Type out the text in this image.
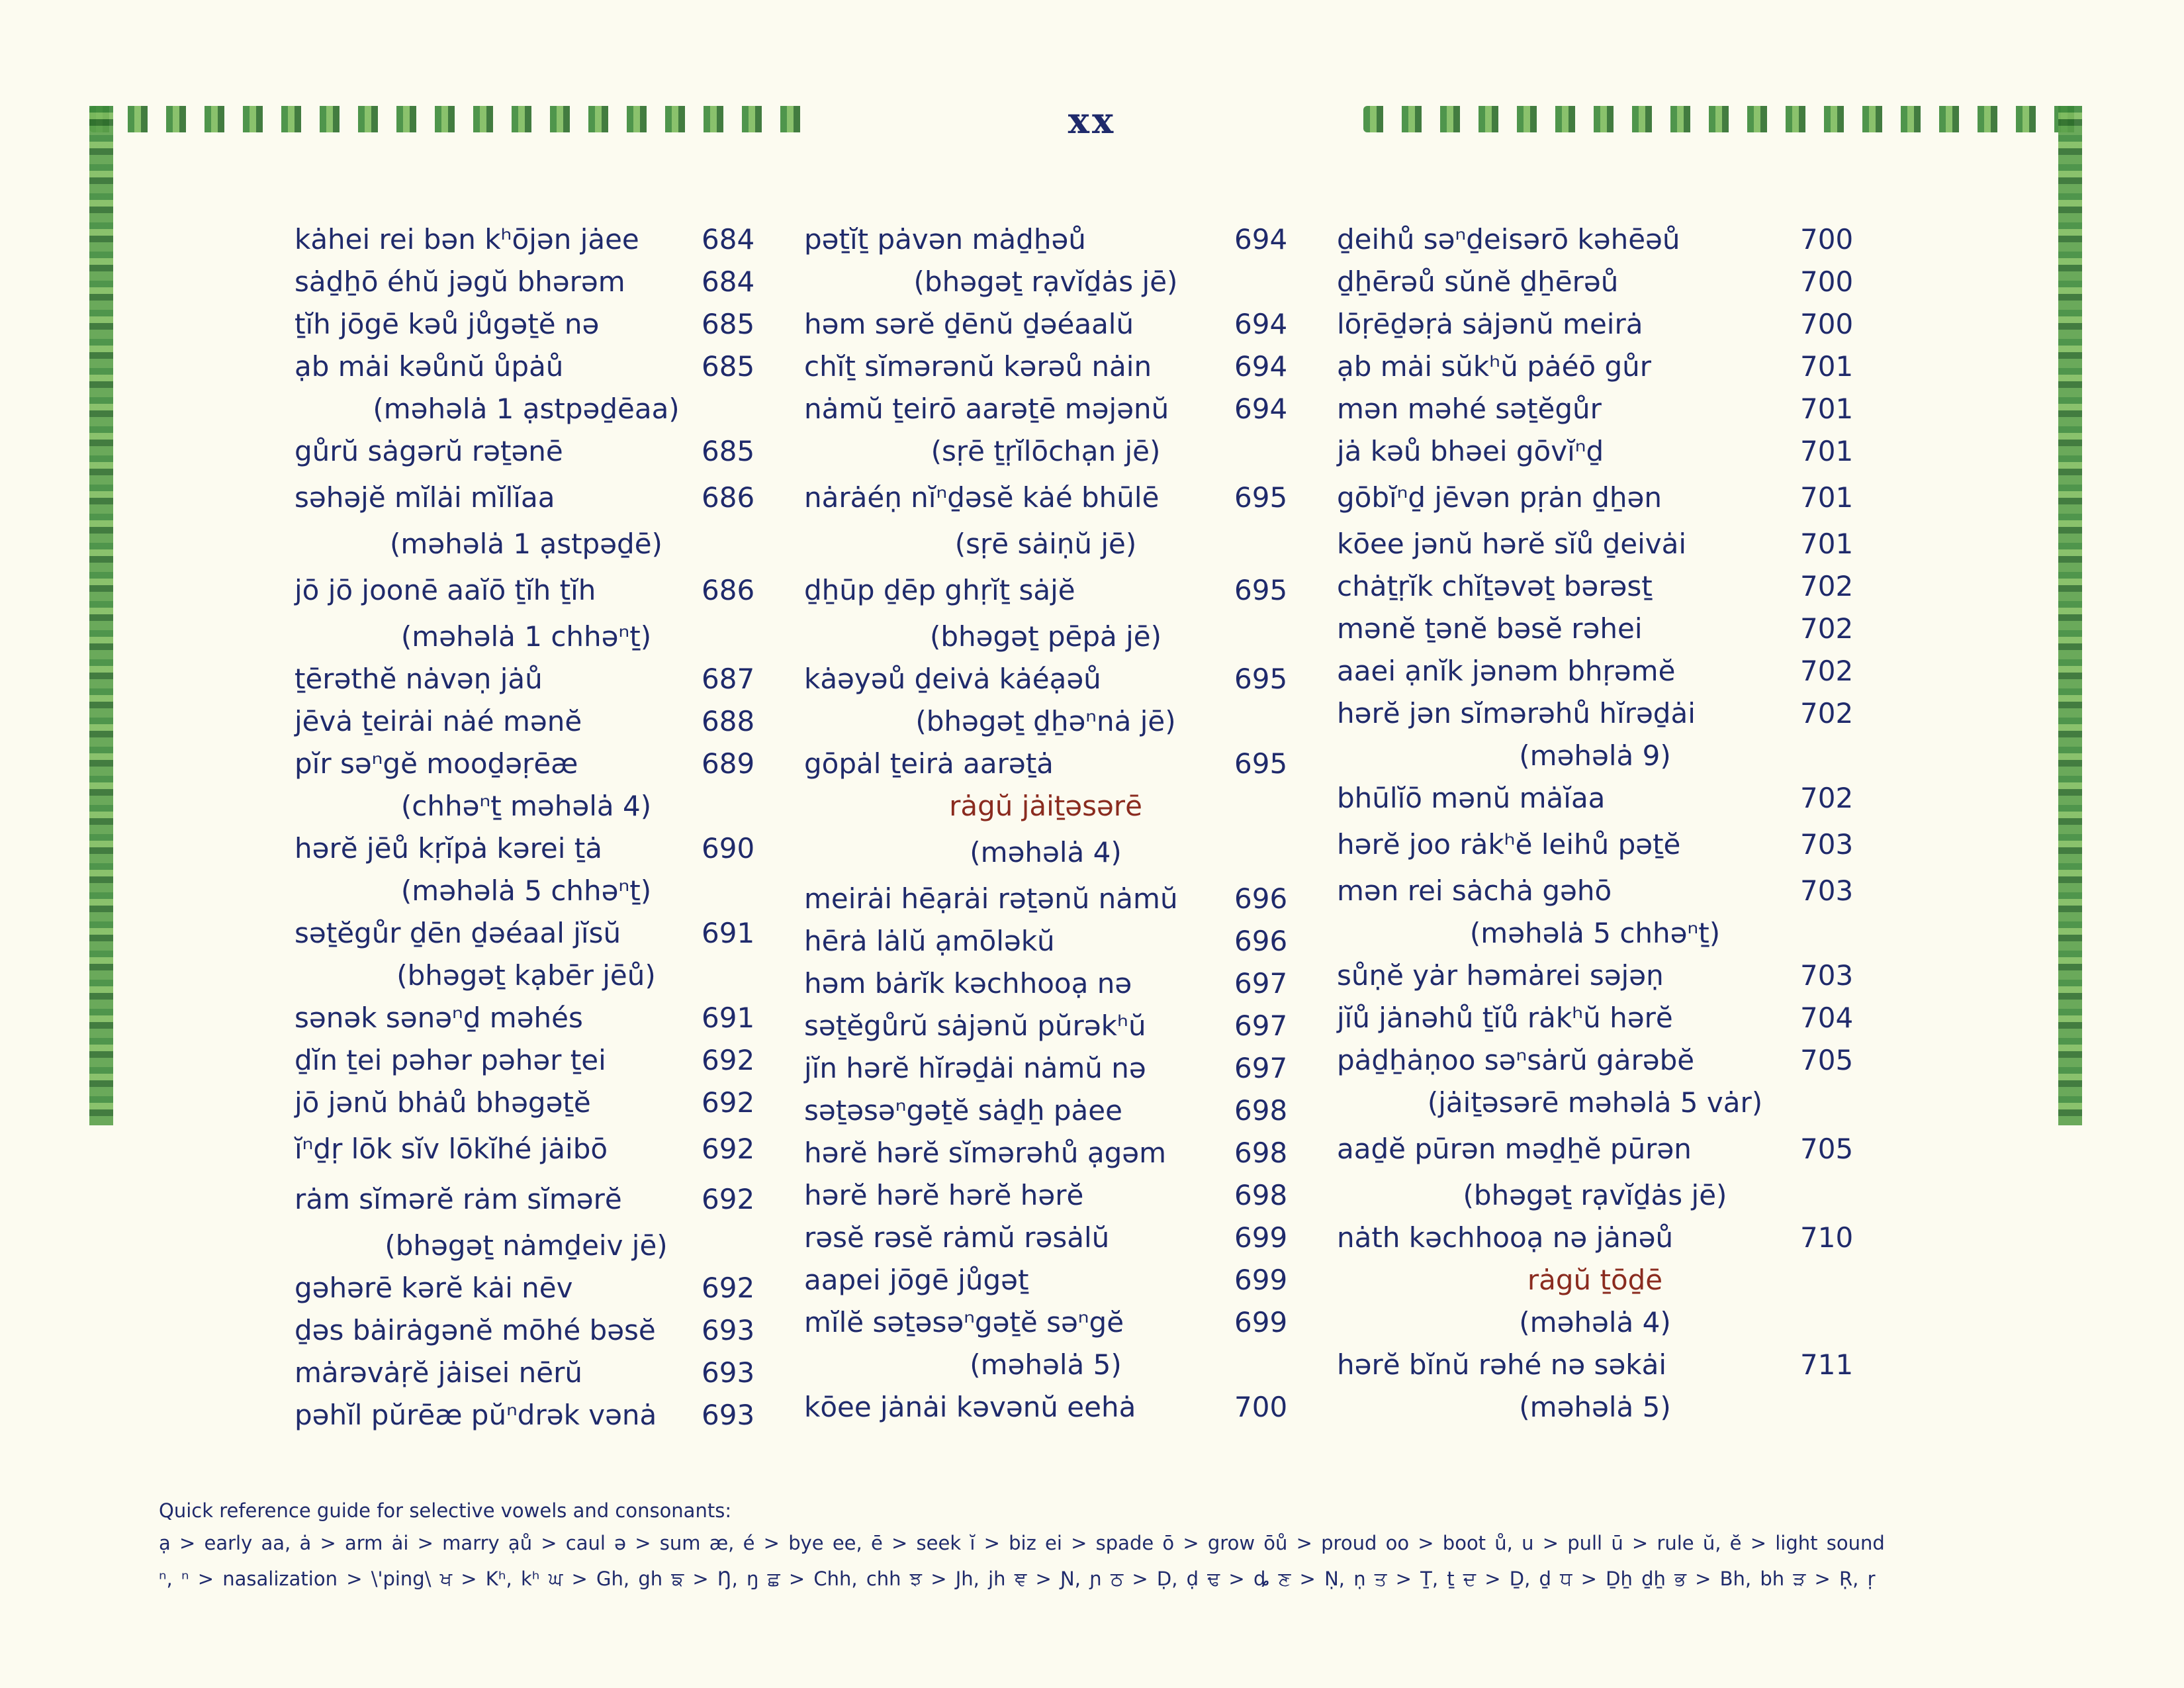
xx
kȧhei rei bən kʰōjən jȧee 684
sȧḏẖō éhŭ jəgŭ bhərəm	684
ṯĭh jōgē kəů jůgəṯĕ nə	685
ạb mȧi kəůnŭ ůpȧů	685
(məhəlȧ 1 ạstpəḏēaa)
gůrŭ sȧgərŭ rəṯənē	685
səhəjĕ mĭlȧi mĭlĭaa	686
(məhəlȧ 1 ạstpəḏē)
jō jō joonē aaĭō ṯĭh ṯĭh	686
(məhəlȧ 1 chhəⁿṯ)
ṯērəthĕ nȧvəṇ jȧů	687
jēvȧ ṯeirȧi nȧé mənĕ	688
pĭr səⁿgĕ mooḏəṛēæ	689
(chhəⁿṯ məhəlȧ 4)
hərĕ jēů kṛĭpȧ kərei ṯȧ	690
(məhəlȧ 5 chhəⁿṯ)
səṯĕgůr ḏēn ḏəéaal jĭsŭ	691
(bhəgəṯ kạbēr jēů)
sənək sənəⁿḏ məhés	691
ḏĭn ṯei pəhər pəhər ṯei	692
jō jənŭ bhȧů bhəgəṯĕ	692
ĭⁿḏṛ lōk sĭv lōkĭhé jȧibō	692
rȧm sĭmərĕ rȧm sĭmərĕ	692
(bhəgəṯ nȧmḏeiv jē)
gəhərē kərĕ kȧi nēv	692
ḏəs bȧirȧgənĕ mōhé bəsĕ 693
mȧrəvȧṛĕ jȧisei nērŭ	693
pəhĭl pŭrēæ pŭⁿdrək vənȧ 693
pəṯĭṯ pȧvən mȧḏẖəů	694
(bhəgəṯ rạvĭḏȧs jē)
həm sərĕ ḏēnŭ ḏəéaalŭ	694
chĭṯ sĭmərənŭ kərəů nȧin	694
nȧmŭ ṯeirō aarəṯē məjənŭ 694
(sṛē ṯṛĭlōchạn jē)
nȧrȧéṇ nĭⁿḏəsĕ kȧé bhūlē	695
(sṛē sȧiṇŭ jē)
ḏẖūp ḏēp ghṛĭṯ sȧjĕ	695
(bhəgəṯ pēpȧ jē)
kȧəyəů ḏeivȧ kȧéạəů	695
(bhəgəṯ ḏẖəⁿnȧ jē)
gōpȧl ṯeirȧ aarəṯȧ	695
rȧgŭ jȧiṯəsərē
(məhəlȧ 4)
meirȧi hēạrȧi rəṯənŭ nȧmŭ 696
hērȧ lȧlŭ ạmōləkŭ	696
həm bȧrĭk kəchhooạ nə	697
səṯĕgůrŭ sȧjənŭ pŭrəkʰŭ	697
jĭn hərĕ hĭrəḏȧi nȧmŭ nə	697
səṯəsəⁿgəṯĕ sȧḏẖ pȧee	698
hərĕ hərĕ sĭmərəhů ạgəm 698
hərĕ hərĕ hərĕ hərĕ	698
rəsĕ rəsĕ rȧmŭ rəsȧlŭ	699
aapei jōgē jůgəṯ	699
mĭlĕ səṯəsəⁿgəṯĕ səⁿgĕ	699
(məhəlȧ 5)
kōee jȧnȧi kəvənŭ eehȧ	700
ḏeihů səⁿḏeisərō kəhēəů	700
ḏẖērəů sŭnĕ ḏẖērəů	700
lōṛēḏəṛȧ sȧjənŭ meirȧ	700
ạb mȧi sŭkʰŭ pȧéō gůr	701
mən məhé səṯĕgůr	701
jȧ kəů bhəei gōvĭⁿḏ	701
gōbĭⁿḏ jēvən pṛȧn ḏẖən	701
kōee jənŭ hərĕ sĭů ḏeivȧi	701
chȧṯṛĭk chĭṯəvəṯ bərəsṯ	702
mənĕ ṯənĕ bəsĕ rəhei	702
aaei ạnĭk jənəm bhṛəmĕ	702
hərĕ jən sĭmərəhů hĭrəḏȧi	702
(məhəlȧ 9)
bhūlĭō mənŭ mȧĭaa	702
hərĕ joo rȧkʰĕ leihů pəṯĕ	703
mən rei sȧchȧ gəhō	703
(məhəlȧ 5 chhəⁿṯ)
sůṇĕ yȧr həmȧrei səjəṇ	703
jĭů jȧnəhů ṯĭů rȧkʰŭ hərĕ	704
pȧḏẖȧṇoo səⁿsȧrŭ gȧrəbĕ	705
(jȧiṯəsərē məhəlȧ 5 vȧr)
aaḏĕ pūrən məḏẖĕ pūrən	705
(bhəgəṯ rạvĭḏȧs jē)
nȧth kəchhooạ nə jȧnəů	710
rȧgŭ ṯōḏē
(məhəlȧ 4)
hərĕ bĭnŭ rəhé nə səkȧi	711
(məhəlȧ 5)
Quick reference guide for selective vowels and consonants:
ạ > early aa, ȧ > arm ȧi > marry ạů > caul ə > sum æ, é > bye ee, ē > seek ĭ > biz ei > spade ō > grow ōů > proud oo > boot ů, u > pull ū > rule ŭ, ĕ > light sound
ⁿ, ⁿ > nasalization > \'ping\ ਖ > Kʰ, kʰ ਘ > Gh, gh ਙ > Ŋ, ŋ ਛ > Chh, chh ਝ > Jh, jh ਞ > Ɲ, ɲ ਠ > Ḍ, ḍ ਢ > ȡ ਣ > Ṇ, ṇ ਤ > Ṯ, ṯ ਦ > Ḏ, ḏ ਧ > Ḏẖ ḏẖ ਭ > Bh, bh ੜ > Ṛ, ṛ
